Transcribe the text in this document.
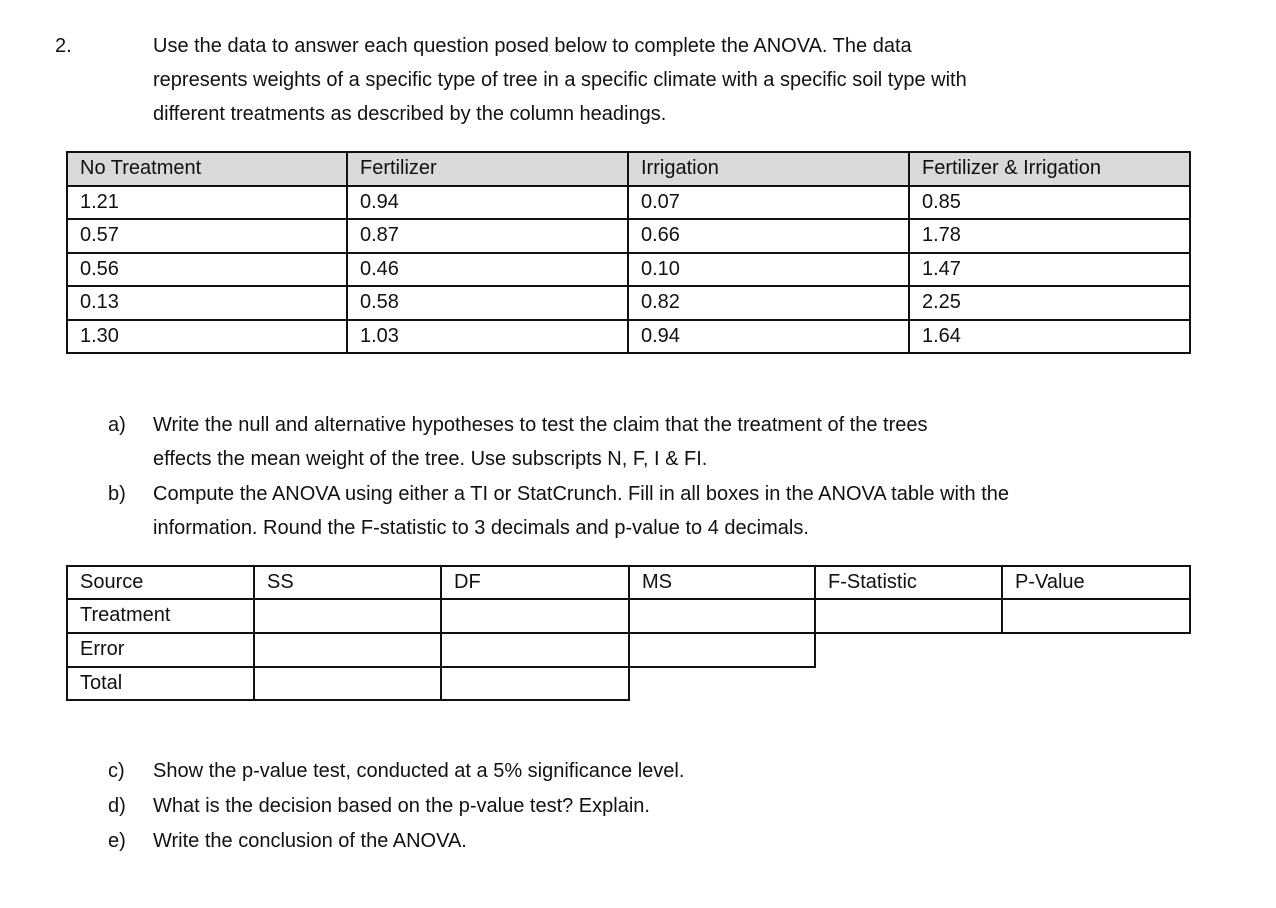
2.	Use the data to answer each question posed below to complete the ANOVA. The data
represents weights of a specific type of tree in a specific climate with a specific soil type with
different treatments as described by the column headings.
No Treatment	Fertilizer	Irrigation	Fertilizer & Irrigation
1.21	0.94	0.07	0.85
0.57	0.87	0.66	1.78
0.56	0.46	0.10	1.47
0.13	0.58	0.82	2.25
1.30	1.03	0.94	1.64
a) Write the null and alternative hypotheses to test the claim that the treatment of the trees
effects the mean weight of the tree. Use subscripts N, F, I & FI.
b) Compute the ANOVA using either a TI or StatCrunch. Fill in all boxes in the ANOVA table with the
information. Round the F-statistic to 3 decimals and p-value to 4 decimals.
Source	SS	DF	MS	F-Statistic	P-Value
Treatment
Error
Total
c) Show the p-value test, conducted at a 5% significance level.
d) What is the decision based on the p-value test? Explain.
e) Write the conclusion of the ANOVA.
